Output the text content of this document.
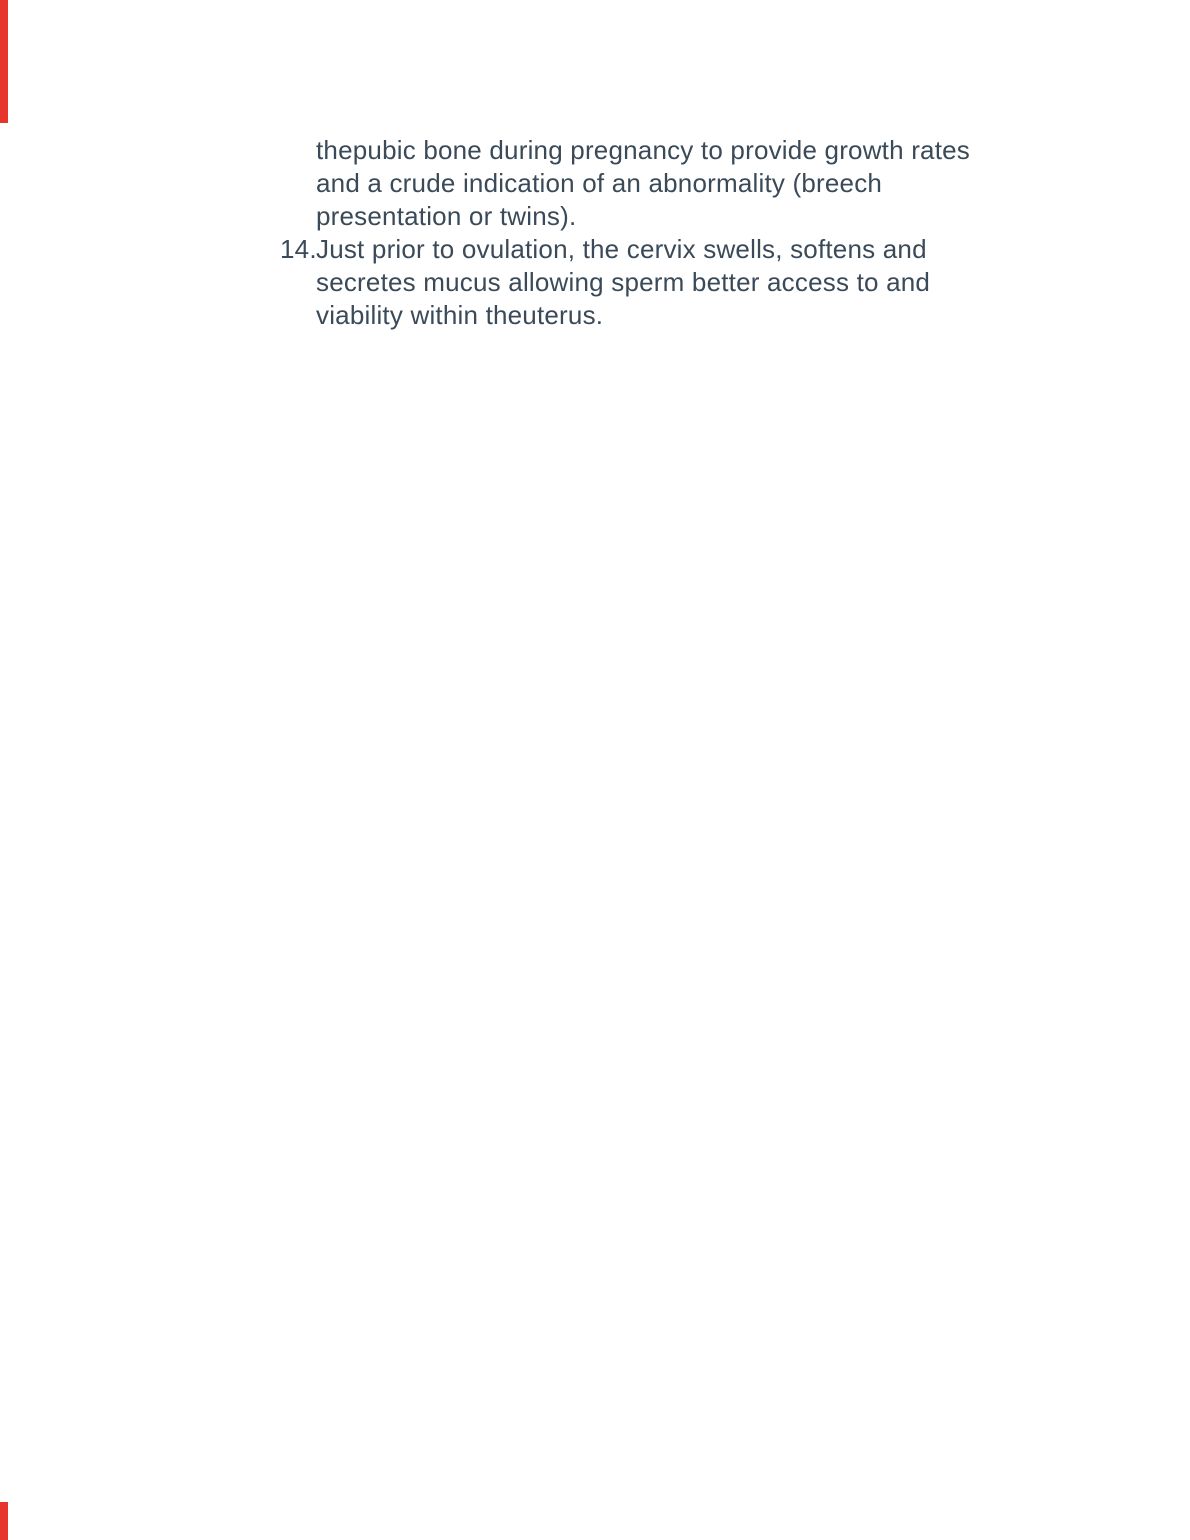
thepubic bone during pregnancy to provide growth rates
and a crude indication of an abnormality (breech
presentation or twins).
14. Just prior to ovulation, the cervix swells, softens and
secretes mucus allowing sperm better access to and
viability within theuterus.
